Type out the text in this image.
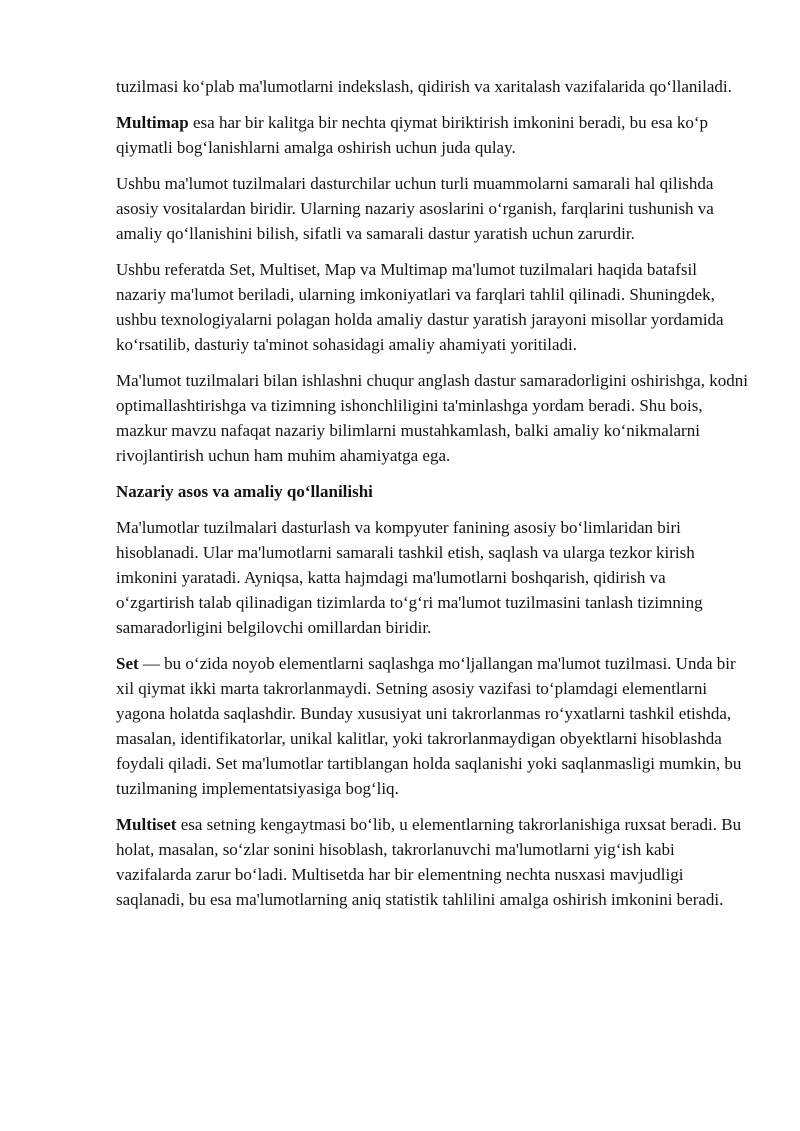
tuzilmasi ko‘plab ma'lumotlarni indekslash, qidirish va xaritalash vazifalarida qo‘llaniladi.

Multimap esa har bir kalitga bir nechta qiymat biriktirish imkonini beradi, bu esa ko‘p qiymatli bog‘lanishlarni amalga oshirish uchun juda qulay.

Ushbu ma'lumot tuzilmalari dasturchilar uchun turli muammolarni samarali hal qilishda asosiy vositalardan biridir. Ularning nazariy asoslarini o‘rganish, farqlarini tushunish va amaliy qo‘llanishini bilish, sifatli va samarali dastur yaratish uchun zarurdir.

Ushbu referatda Set, Multiset, Map va Multimap ma'lumot tuzilmalari haqida batafsil nazariy ma'lumot beriladi, ularning imkoniyatlari va farqlari tahlil qilinadi. Shuningdek, ushbu texnologiyalarni polagan holda amaliy dastur yaratish jarayoni misollar yordamida ko‘rsatilib, dasturiy ta'minot sohasidagi amaliy ahamiyati yoritiladi.

Ma'lumot tuzilmalari bilan ishlashni chuqur anglash dastur samaradorligini oshirishga, kodni optimallashtirishga va tizimning ishonchliligini ta'minlashga yordam beradi. Shu bois, mazkur mavzu nafaqat nazariy bilimlarni mustahkamlash, balki amaliy ko‘nikmalarni rivojlantirish uchun ham muhim ahamiyatga ega.

Nazariy asos va amaliy qo‘llanilishi

Ma'lumotlar tuzilmalari dasturlash va kompyuter fanining asosiy bo‘limlaridan biri hisoblanadi. Ular ma'lumotlarni samarali tashkil etish, saqlash va ularga tezkor kirish imkonini yaratadi. Ayniqsa, katta hajmdagi ma'lumotlarni boshqarish, qidirish va o‘zgartirish talab qilinadigan tizimlarda to‘g‘ri ma'lumot tuzilmasini tanlash tizimning samaradorligini belgilovchi omillardan biridir.

Set — bu o‘zida noyob elementlarni saqlashga mo‘ljallangan ma'lumot tuzilmasi. Unda bir xil qiymat ikki marta takrorlanmaydi. Setning asosiy vazifasi to‘plamdagi elementlarni yagona holatda saqlashdir. Bunday xususiyat uni takrorlanmas ro‘yxatlarni tashkil etishda, masalan, identifikatorlar, unikal kalitlar, yoki takrorlanmaydigan obyektlarni hisoblashda foydali qiladi. Set ma'lumotlar tartiblangan holda saqlanishi yoki saqlanmasligi mumkin, bu tuzilmaning implementatsiyasiga bog‘liq.

Multiset esa setning kengaytmasi bo‘lib, u elementlarning takrorlanishiga ruxsat beradi. Bu holat, masalan, so‘zlar sonini hisoblash, takrorlanuvchi ma'lumotlarni yig‘ish kabi vazifalarda zarur bo‘ladi. Multisetda har bir elementning nechta nusxasi mavjudligi saqlanadi, bu esa ma'lumotlarning aniq statistik tahlilini amalga oshirish imkonini beradi.
